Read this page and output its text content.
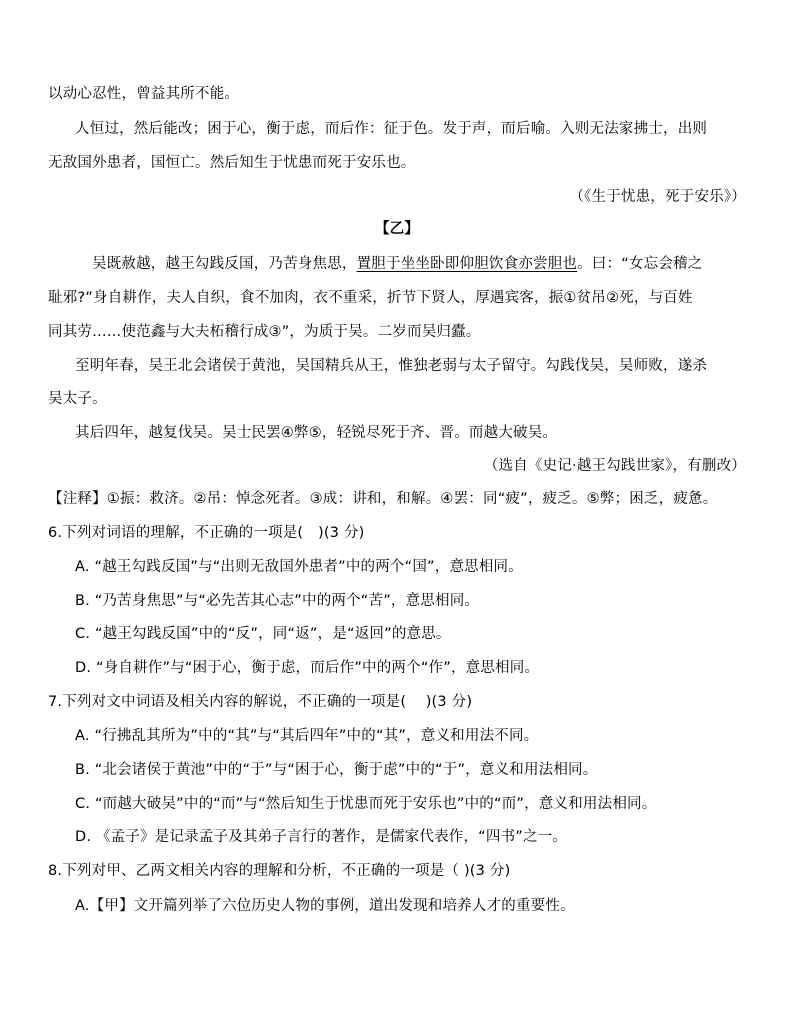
以动心忍性，曾益其所不能。
人恒过，然后能改；困于心，衡于虑，而后作：征于色。发于声，而后喻。入则无法家拂士，出则
无敌国外患者，国恒亡。然后知生于忧患而死于安乐也。
（《生于忧患，死于安乐》）
【乙】
吴既赦越，越王勾践反国，乃苦身焦思，置胆于坐坐卧即仰胆饮食亦尝胆也。曰：“女忘会稽之
耻邪?”身自耕作，夫人自织，食不加肉，衣不重采，折节下贤人，厚遇宾客，振①贫吊②死，与百姓
同其劳……使范鑫与大夫柘稽行成③”，为质于吴。二岁而吴归蠹。
至明年春，吴王北会诸侯于黄池，吴国精兵从王，惟独老弱与太子留守。勾践伐吴，吴师败，遂杀
吴太子。
其后四年，越复伐吴。吴士民罢④弊⑤，轻锐尽死于齐、晋。而越大破吴。
（选自《史记·越王勾践世家》，有删改）
【注释】①振：救济。②吊：悼念死者。③成：讲和，和解。④罢：同“疲”，疲乏。⑤弊；困乏，疲惫。
6.下列对词语的理解，不正确的一项是(　)(3 分)
A. “越王勾践反国”与“出则无敌国外患者”中的两个“国”，意思相同。
B. “乃苦身焦思”与“必先苦其心志”中的两个“苦”，意思相同。
C. “越王勾践反国”中的“反”，同“返”，是“返回”的意思。
D. “身自耕作”与“困于心，衡于虑，而后作”中的两个“作”，意思相同。
7.下列对文中词语及相关内容的解说，不正确的一项是(　 )(3 分)
A. “行拂乱其所为”中的“其”与“其后四年”中的“其”，意义和用法不同。
B. “北会诸侯于黄池”中的“于”与“困于心，衡于虑”中的“于”，意义和用法相同。
C. “而越大破吴”中的“而”与“然后知生于忧患而死于安乐也”中的“而”，意义和用法相同。
D. 《孟子》是记录孟子及其弟子言行的著作，是儒家代表作，“四书”之一。
8.下列对甲、乙两文相关内容的理解和分析，不正确的一项是（ )(3 分)
A.【甲】文开篇列举了六位历史人物的事例，道出发现和培养人才的重要性。
